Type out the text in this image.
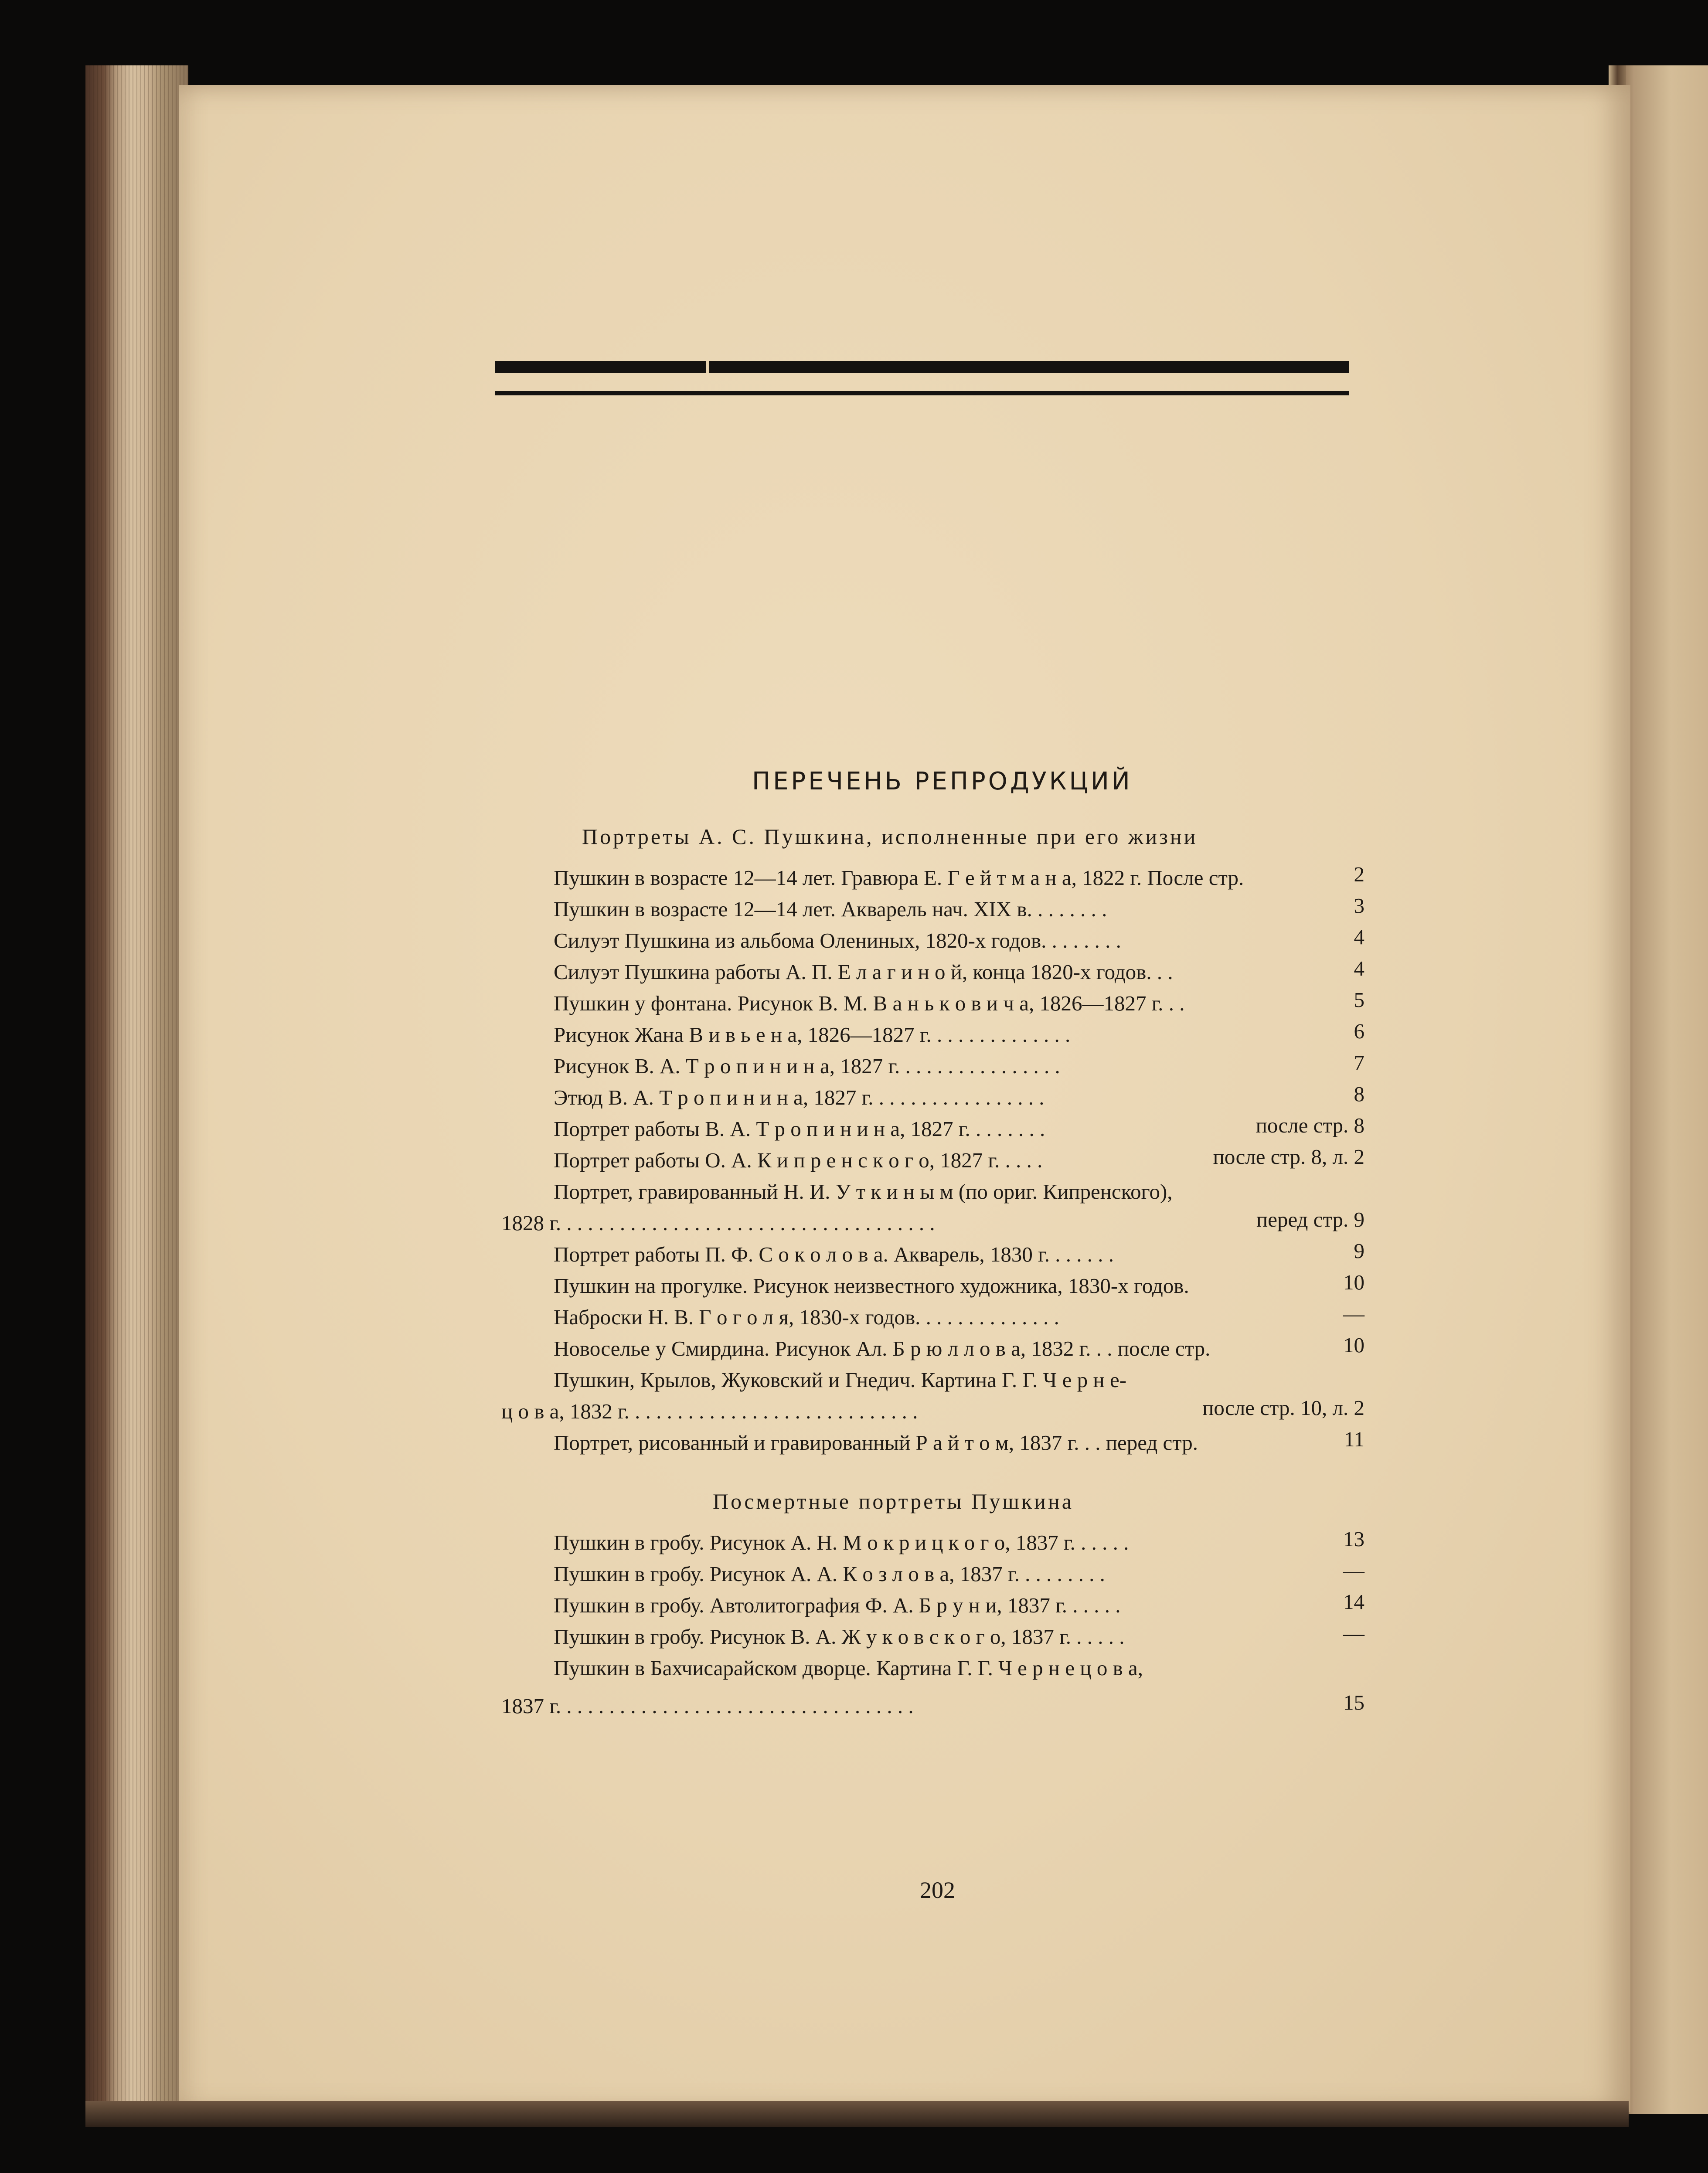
ПЕРЕЧЕНЬ РЕПРОДУКЦИЙ
Портреты А. С. Пушкина, исполненные при его жизни
Пушкин в возрасте 12—14 лет. Гравюра Е. Г е й т м а н а, 1822 г. После стр.	2
Пушкин в возрасте 12—14 лет. Акварель нач. XIX в. . . . . . . .	3
Силуэт Пушкина из альбома Олениных, 1820-х годов. . . . . . . .	4
Силуэт Пушкина работы А. П. Е л а г и н о й, конца 1820-х годов. . .	4
Пушкин у фонтана. Рисунок В. М. В а н ь к о в и ч а, 1826—1827 г. . .	5
Рисунок Жана В и в ь е н а, 1826—1827 г. . . . . . . . . . . . . .	6
Рисунок В. А. Т р о п и н и н а, 1827 г. . . . . . . . . . . . . . . .	7
Этюд В. А. Т р о п и н и н а, 1827 г. . . . . . . . . . . . . . . . .	8
Портрет работы В. А. Т р о п и н и н а, 1827 г. . . . . . . .	после стр. 8
Портрет работы О. А. К и п р е н с к о г о, 1827 г. . . . .	после стр. 8, л. 2
Портрет, гравированный Н. И. У т к и н ы м (по ориг. Кипренского),
1828 г. . . . . . . . . . . . . . . . . . . . . . . . . . . . . . . . . . . .	перед стр. 9
Портрет работы П. Ф. С о к о л о в а. Акварель, 1830 г. . . . . . .	9
Пушкин на прогулке. Рисунок неизвестного художника, 1830-х годов.	10
Наброски Н. В. Г о г о л я, 1830-х годов. . . . . . . . . . . . . .	—
Новоселье у Смирдина. Рисунок Ал. Б р ю л л о в а, 1832 г. . . после стр.	10
Пушкин, Крылов, Жуковский и Гнедич. Картина Г. Г. Ч е р н е-
ц о в а, 1832 г. . . . . . . . . . . . . . . . . . . . . . . . . . . .	после стр. 10, л. 2
Портрет, рисованный и гравированный Р а й т о м, 1837 г. . . перед стр.	11
Посмертные портреты Пушкина
Пушкин в гробу. Рисунок А. Н. М о к р и ц к о г о, 1837 г. . . . . .	13
Пушкин в гробу. Рисунок А. А. К о з л о в а, 1837 г. . . . . . . . .	—
Пушкин в гробу. Автолитография Ф. А. Б р у н и, 1837 г. . . . . .	14
Пушкин в гробу. Рисунок В. А. Ж у к о в с к о г о, 1837 г. . . . . .	—
Пушкин в Бахчисарайском дворце. Картина Г. Г. Ч е р н е ц о в а,
1837 г. . . . . . . . . . . . . . . . . . . . . . . . . . . . . . . . . .	15
202
